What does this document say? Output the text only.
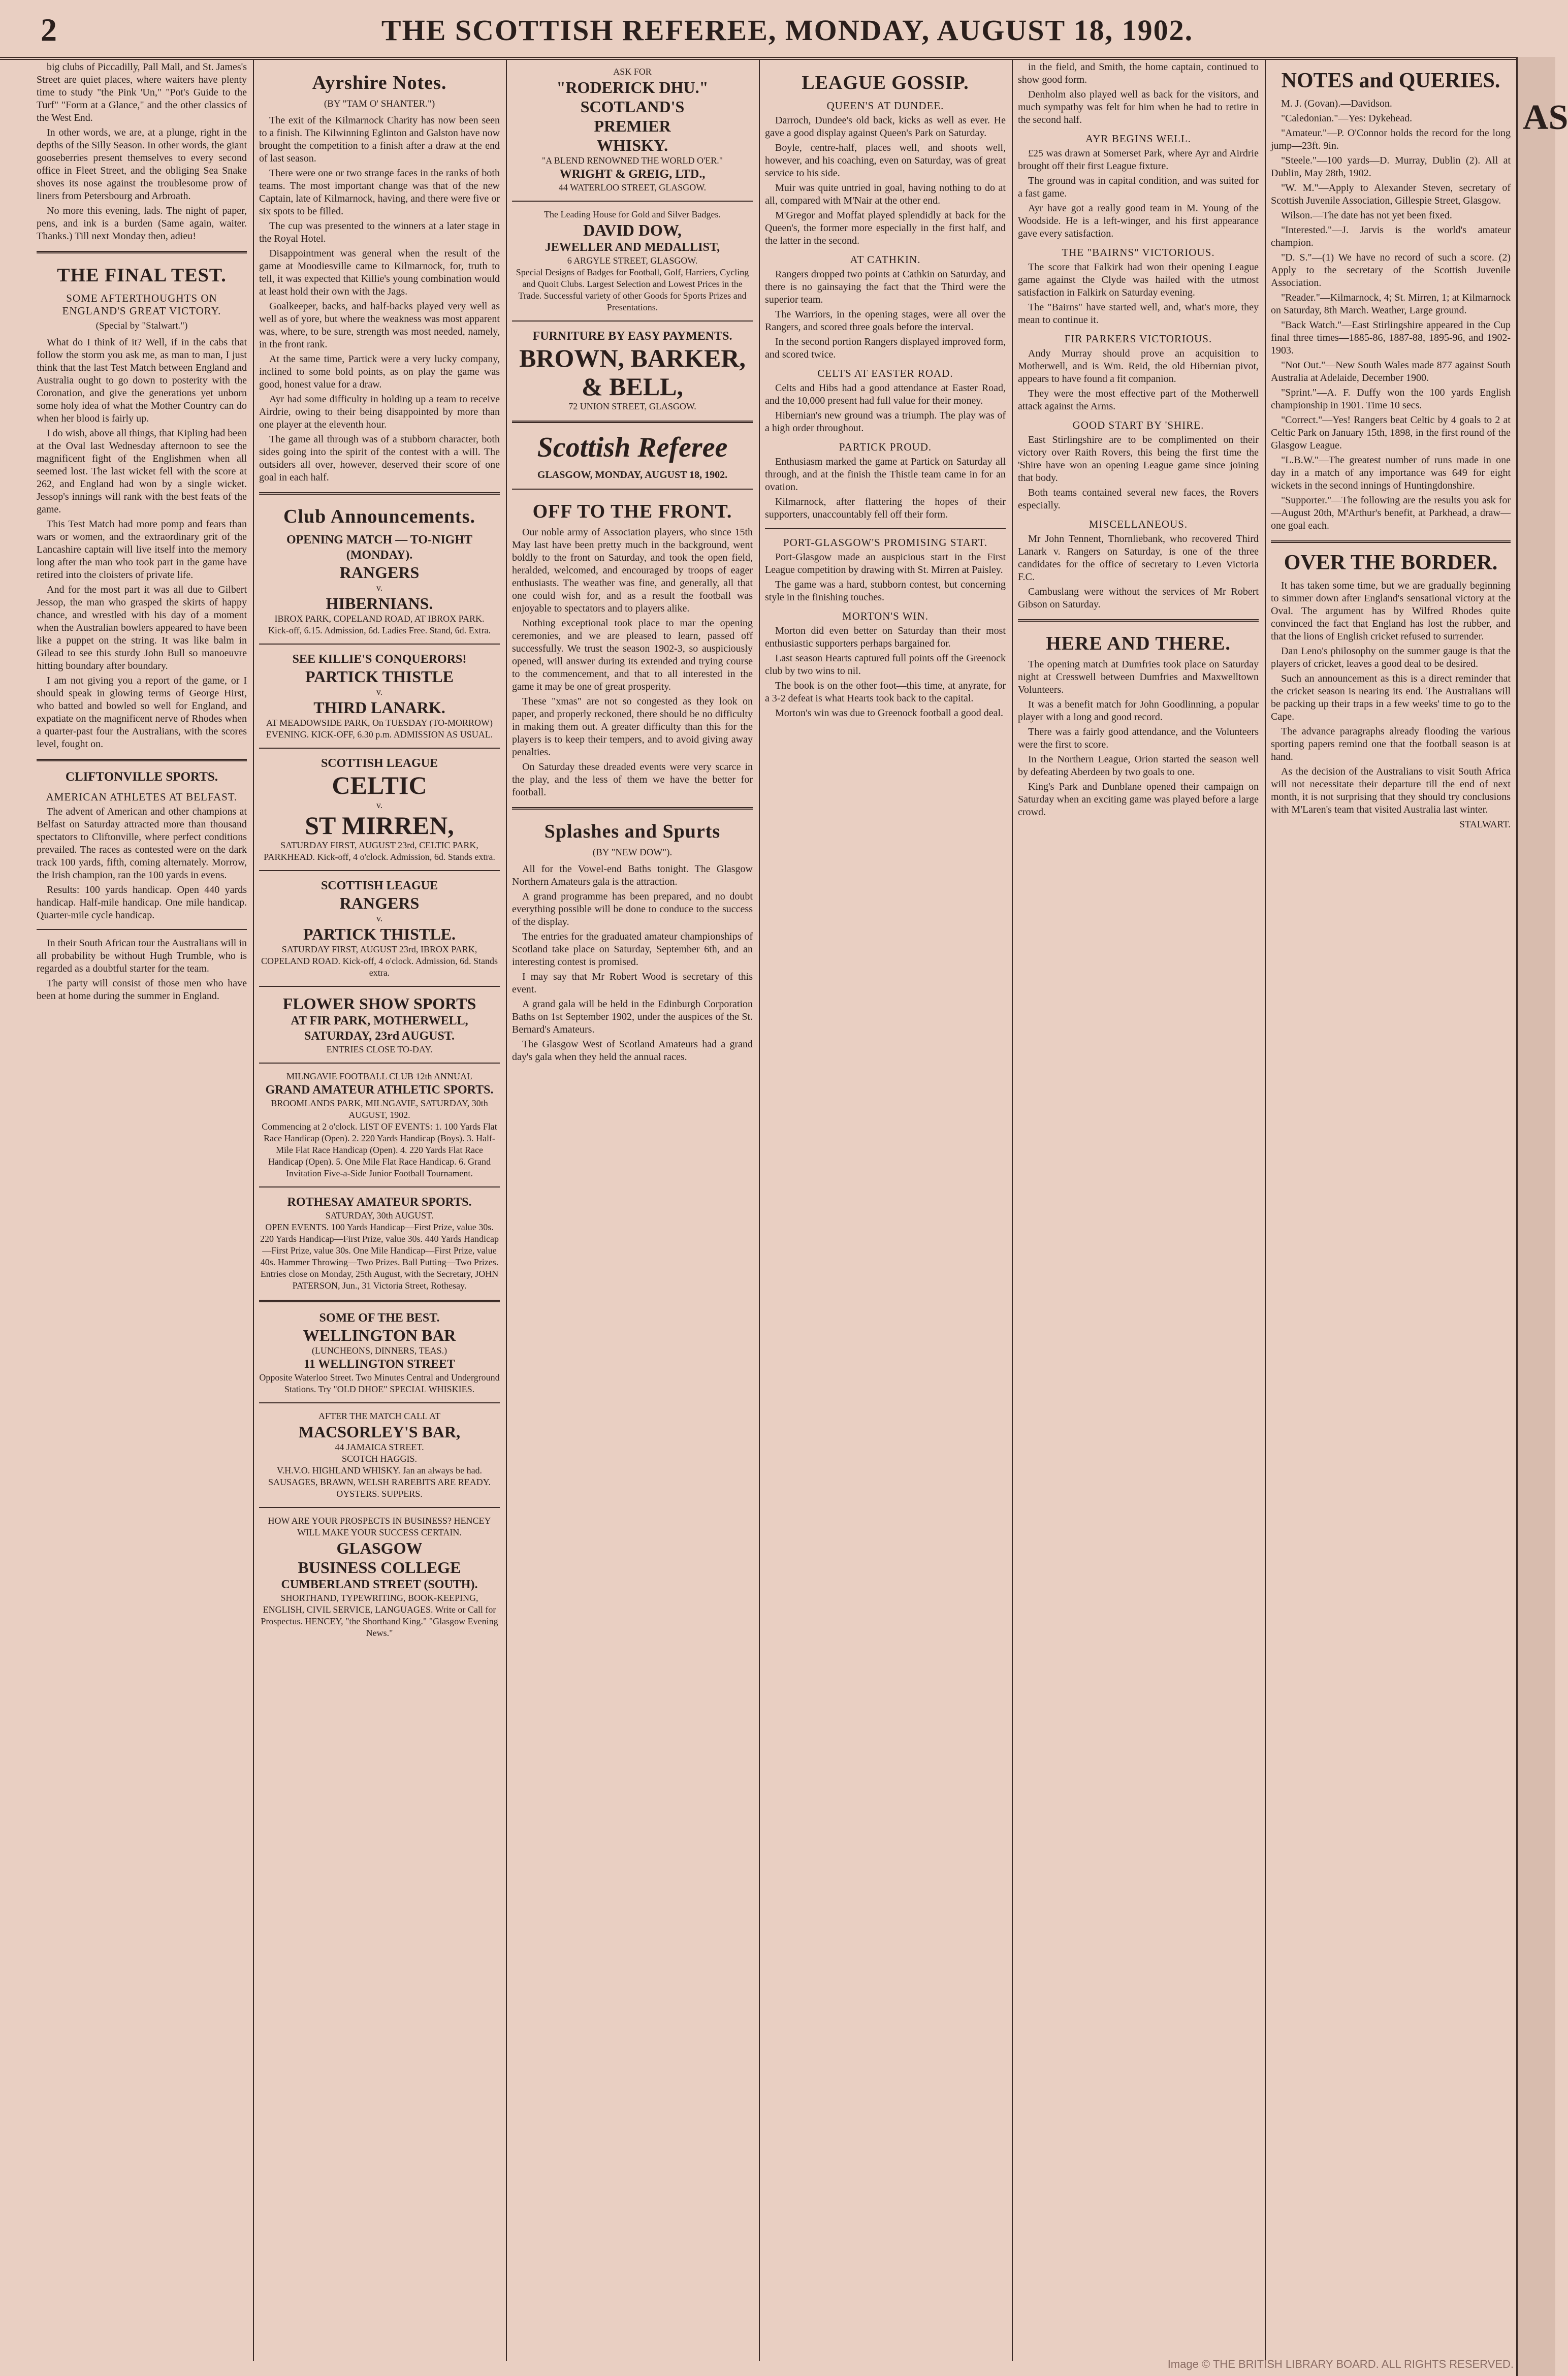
2	THE SCOTTISH REFEREE, MONDAY, AUGUST 18, 1902.

big clubs of Piccadilly, Pall Mall, and St. James's Street are quiet places, where waiters have plenty time to study "the Pink 'Un," "Pot's Guide to the Turf" "Form at a Glance," and the other classics of the West End.

In other words, we are, at a plunge, right in the depths of the Silly Season. In other words, the giant gooseberries present themselves to every second office in Fleet Street, and the obliging Sea Snake shoves its nose against the troublesome prow of liners from Petersbourg and Arbroath.

No more this evening, lads. The night of paper, pens, and ink is a burden (Same again, waiter. Thanks.) Till next Monday then, adieu!

THE FINAL TEST.
SOME AFTERTHOUGHTS ON ENGLAND'S GREAT VICTORY.
(Special by "Stalwart.")

What do I think of it? Well, if in the cabs that follow the storm you ask me, as man to man, I just think that the last Test Match between England and Australia ought to go down to posterity with the Coronation, and give the generations yet unborn some holy idea of what the Mother Country can do when her blood is fairly up.

I do wish, above all things, that Kipling had been at the Oval last Wednesday afternoon to see the magnificent fight of the Englishmen when all seemed lost. The last wicket fell with the score at 262, and England had won by a single wicket. Jessop's innings will rank with the best feats of the game.

This Test Match had more pomp and fears than wars or women, and the extraordinary grit of the Lancashire captain will live itself into the memory long after the man who took part in the game have retired into the cloisters of private life.

And for the most part it was all due to Gilbert Jessop, the man who grasped the skirts of happy chance, and wrestled with his day of a moment when the Australian bowlers appeared to have been like a puppet on the string. It was like balm in Gilead to see this sturdy John Bull so manoeuvre hitting boundary after boundary.

I am not giving you a report of the game, or I should speak in glowing terms of George Hirst, who batted and bowled so well for England, and expatiate on the magnificent nerve of Rhodes when a quarter-past four the Australians, with the scores level, fought on.

CLIFTONVILLE SPORTS.
AMERICAN ATHLETES AT BELFAST.

The advent of American and other champions at Belfast on Saturday attracted more than thousand spectators to Cliftonville, where perfect conditions prevailed. The races as contested were on the dark track 100 yards, fifth, coming alternately. Morrow, the Irish champion, ran the 100 yards in evens.

Results: 100 yards handicap. Open 440 yards handicap. Half-mile handicap. One mile handicap. Quarter-mile cycle handicap.

In their South African tour the Australians will in all probability be without Hugh Trumble, who is regarded as a doubtful starter for the team.

The party will consist of those men who have been at home during the summer in England.

Ayrshire Notes.
(BY "TAM O' SHANTER.")

The exit of the Kilmarnock Charity has now been seen to a finish. The Kilwinning Eglinton and Galston have now brought the competition to a finish after a draw at the end of last season.

There were one or two strange faces in the ranks of both teams. The most important change was that of the new Captain, late of Kilmarnock, having, and there were five or six spots to be filled.

The cup was presented to the winners at a later stage in the Royal Hotel.

Disappointment was general when the result of the game at Moodiesville came to Kilmarnock, for, truth to tell, it was expected that Killie's young combination would at least hold their own with the Jags.

Goalkeeper, backs, and half-backs played very well as well as of yore, but where the weakness was most apparent was, where, to be sure, strength was most needed, namely, in the front rank.

At the same time, Partick were a very lucky company, inclined to some bold points, as on play the game was good, honest value for a draw.

Ayr had some difficulty in holding up a team to receive Airdrie, owing to their being disappointed by more than one player at the eleventh hour.

The game all through was of a stubborn character, both sides going into the spirit of the contest with a will. The outsiders all over, however, deserved their score of one goal in each half.

Club Announcements.
OPENING MATCH — TO-NIGHT (MONDAY).
RANGERS
v.
HIBERNIANS.
IBROX PARK, COPELAND ROAD, AT IBROX PARK.
Kick-off, 6.15. Admission, 6d. Ladies Free. Stand, 6d. Extra.
SEE KILLIE'S CONQUERORS!
PARTICK THISTLE
v.
THIRD LANARK.
AT MEADOWSIDE PARK, On TUESDAY (TO-MORROW) EVENING. KICK-OFF, 6.30 p.m. ADMISSION AS USUAL.
SCOTTISH LEAGUE
CELTIC
v.
ST MIRREN,
SATURDAY FIRST, AUGUST 23rd, CELTIC PARK, PARKHEAD. Kick-off, 4 o'clock. Admission, 6d. Stands extra.
SCOTTISH LEAGUE
RANGERS
v.
PARTICK THISTLE.
SATURDAY FIRST, AUGUST 23rd, IBROX PARK, COPELAND ROAD. Kick-off, 4 o'clock. Admission, 6d. Stands extra.
FLOWER SHOW SPORTS
AT FIR PARK, MOTHERWELL,
SATURDAY, 23rd AUGUST.
ENTRIES CLOSE TO-DAY.
MILNGAVIE FOOTBALL CLUB 12th ANNUAL
GRAND AMATEUR ATHLETIC SPORTS.
BROOMLANDS PARK, MILNGAVIE, SATURDAY, 30th AUGUST, 1902.
Commencing at 2 o'clock. LIST OF EVENTS: 1. 100 Yards Flat Race Handicap (Open). 2. 220 Yards Handicap (Boys). 3. Half-Mile Flat Race Handicap (Open). 4. 220 Yards Flat Race Handicap (Open). 5. One Mile Flat Race Handicap. 6. Grand Invitation Five-a-Side Junior Football Tournament.
ROTHESAY AMATEUR SPORTS.
SATURDAY, 30th AUGUST.
OPEN EVENTS. 100 Yards Handicap—First Prize, value 30s. 220 Yards Handicap—First Prize, value 30s. 440 Yards Handicap—First Prize, value 30s. One Mile Handicap—First Prize, value 40s. Hammer Throwing—Two Prizes. Ball Putting—Two Prizes.
Entries close on Monday, 25th August, with the Secretary, JOHN PATERSON, Jun., 31 Victoria Street, Rothesay.
SOME OF THE BEST.
WELLINGTON BAR
(LUNCHEONS, DINNERS, TEAS.)
11 WELLINGTON STREET
Opposite Waterloo Street. Two Minutes Central and Underground Stations. Try "OLD DHOE" SPECIAL WHISKIES.
AFTER THE MATCH CALL AT
MACSORLEY'S BAR,
44 JAMAICA STREET.
SCOTCH HAGGIS.
V.H.V.O. HIGHLAND WHISKY. Jan an always be had.
SAUSAGES, BRAWN, WELSH RAREBITS ARE READY. OYSTERS. SUPPERS.
HOW ARE YOUR PROSPECTS IN BUSINESS? HENCEY WILL MAKE YOUR SUCCESS CERTAIN.
GLASGOW
BUSINESS COLLEGE
CUMBERLAND STREET (SOUTH).
SHORTHAND, TYPEWRITING, BOOK-KEEPING, ENGLISH, CIVIL SERVICE, LANGUAGES. Write or Call for Prospectus. HENCEY, "the Shorthand King." "Glasgow Evening News."
ASK FOR
"RODERICK DHU."
SCOTLAND'S
PREMIER
WHISKY.
"A BLEND RENOWNED THE WORLD O'ER."
WRIGHT & GREIG, LTD.,
44 WATERLOO STREET, GLASGOW.
The Leading House for Gold and Silver Badges.
DAVID DOW,
JEWELLER AND MEDALLIST,
6 ARGYLE STREET, GLASGOW.
Special Designs of Badges for Football, Golf, Harriers, Cycling and Quoit Clubs. Largest Selection and Lowest Prices in the Trade. Successful variety of other Goods for Sports Prizes and Presentations.
FURNITURE BY EASY PAYMENTS.
BROWN, BARKER, & BELL,
72 UNION STREET, GLASGOW.
Scottish Referee
GLASGOW, MONDAY, AUGUST 18, 1902.
OFF TO THE FRONT.

Our noble army of Association players, who since 15th May last have been pretty much in the background, went boldly to the front on Saturday, and took the open field, heralded, welcomed, and encouraged by troops of eager enthusiasts. The weather was fine, and generally, all that one could wish for, and as a result the football was enjoyable to spectators and to players alike.

Nothing exceptional took place to mar the opening ceremonies, and we are pleased to learn, passed off successfully. We trust the season 1902-3, so auspiciously opened, will answer during its extended and trying course to the commencement, and that to all interested in the game it may be one of great prosperity.

These "xmas" are not so congested as they look on paper, and properly reckoned, there should be no difficulty in making them out. A greater difficulty than this for the players is to keep their tempers, and to avoid giving away penalties.

On Saturday these dreaded events were very scarce in the play, and the less of them we have the better for football.

Splashes and Spurts
(BY "NEW DOW").

All for the Vowel-end Baths tonight. The Glasgow Northern Amateurs gala is the attraction.

A grand programme has been prepared, and no doubt everything possible will be done to conduce to the success of the display.

The entries for the graduated amateur championships of Scotland take place on Saturday, September 6th, and an interesting contest is promised.

I may say that Mr Robert Wood is secretary of this event.

A grand gala will be held in the Edinburgh Corporation Baths on 1st September 1902, under the auspices of the St. Bernard's Amateurs.

The Glasgow West of Scotland Amateurs had a grand day's gala when they held the annual races.

LEAGUE GOSSIP.
QUEEN'S AT DUNDEE.

Darroch, Dundee's old back, kicks as well as ever. He gave a good display against Queen's Park on Saturday.

Boyle, centre-half, places well, and shoots well, however, and his coaching, even on Saturday, was of great service to his side.

Muir was quite untried in goal, having nothing to do at all, compared with M'Nair at the other end.

M'Gregor and Moffat played splendidly at back for the Queen's, the former more especially in the first half, and the latter in the second.

AT CATHKIN.

Rangers dropped two points at Cathkin on Saturday, and there is no gainsaying the fact that the Third were the superior team.

The Warriors, in the opening stages, were all over the Rangers, and scored three goals before the interval.

In the second portion Rangers displayed improved form, and scored twice.

CELTS AT EASTER ROAD.

Celts and Hibs had a good attendance at Easter Road, and the 10,000 present had full value for their money.

Hibernian's new ground was a triumph. The play was of a high order throughout.

PARTICK PROUD.

Enthusiasm marked the game at Partick on Saturday all through, and at the finish the Thistle team came in for an ovation.

Kilmarnock, after flattering the hopes of their supporters, unaccountably fell off their form.

PORT-GLASGOW'S PROMISING START.

Port-Glasgow made an auspicious start in the First League competition by drawing with St. Mirren at Paisley.

The game was a hard, stubborn contest, but concerning style in the finishing touches.

MORTON'S WIN.

Morton did even better on Saturday than their most enthusiastic supporters perhaps bargained for.

Last season Hearts captured full points off the Greenock club by two wins to nil.

The book is on the other foot—this time, at anyrate, for a 3-2 defeat is what Hearts took back to the capital.

Morton's win was due to Greenock football a good deal.

in the field, and Smith, the home captain, continued to show good form.

Denholm also played well as back for the visitors, and much sympathy was felt for him when he had to retire in the second half.

AYR BEGINS WELL.

£25 was drawn at Somerset Park, where Ayr and Airdrie brought off their first League fixture.

The ground was in capital condition, and was suited for a fast game.

Ayr have got a really good team in M. Young of the Woodside. He is a left-winger, and his first appearance gave every satisfaction.

THE "BAIRNS" VICTORIOUS.

The score that Falkirk had won their opening League game against the Clyde was hailed with the utmost satisfaction in Falkirk on Saturday evening.

The "Bairns" have started well, and, what's more, they mean to continue it.

FIR PARKERS VICTORIOUS.

Andy Murray should prove an acquisition to Motherwell, and is Wm. Reid, the old Hibernian pivot, appears to have found a fit companion.

They were the most effective part of the Motherwell attack against the Arms.

GOOD START BY 'SHIRE.

East Stirlingshire are to be complimented on their victory over Raith Rovers, this being the first time the 'Shire have won an opening League game since joining that body.

Both teams contained several new faces, the Rovers especially.

MISCELLANEOUS.

Mr John Tennent, Thornliebank, who recovered Third Lanark v. Rangers on Saturday, is one of the three candidates for the office of secretary to Leven Victoria F.C.

Cambuslang were without the services of Mr Robert Gibson on Saturday.

HERE AND THERE.

The opening match at Dumfries took place on Saturday night at Cresswell between Dumfries and Maxwelltown Volunteers.

It was a benefit match for John Goodlinning, a popular player with a long and good record.

There was a fairly good attendance, and the Volunteers were the first to score.

In the Northern League, Orion started the season well by defeating Aberdeen by two goals to one.

King's Park and Dunblane opened their campaign on Saturday when an exciting game was played before a large crowd.

NOTES and QUERIES.

M. J. (Govan).—Davidson.

"Caledonian."—Yes: Dykehead.

"Amateur."—P. O'Connor holds the record for the long jump—23ft. 9in.

"Steele."—100 yards—D. Murray, Dublin (2). All at Dublin, May 28th, 1902.

"W. M."—Apply to Alexander Steven, secretary of Scottish Juvenile Association, Gillespie Street, Glasgow.

Wilson.—The date has not yet been fixed.

"Interested."—J. Jarvis is the world's amateur champion.

"D. S."—(1) We have no record of such a score. (2) Apply to the secretary of the Scottish Juvenile Association.

"Reader."—Kilmarnock, 4; St. Mirren, 1; at Kilmarnock on Saturday, 8th March. Weather, Large ground.

"Back Watch."—East Stirlingshire appeared in the Cup final three times—1885-86, 1887-88, 1895-96, and 1902-1903.

"Not Out."—New South Wales made 877 against South Australia at Adelaide, December 1900.

"Sprint."—A. F. Duffy won the 100 yards English championship in 1901. Time 10 secs.

"Correct."—Yes! Rangers beat Celtic by 4 goals to 2 at Celtic Park on January 15th, 1898, in the first round of the Glasgow League.

"L.B.W."—The greatest number of runs made in one day in a match of any importance was 649 for eight wickets in the second innings of Huntingdonshire.

"Supporter."—The following are the results you ask for—August 20th, M'Arthur's benefit, at Parkhead, a draw—one goal each.

OVER THE BORDER.

It has taken some time, but we are gradually beginning to simmer down after England's sensational victory at the Oval. The argument has by Wilfred Rhodes quite convinced the fact that England has lost the rubber, and that the lions of English cricket refused to surrender.

Dan Leno's philosophy on the summer gauge is that the players of cricket, leaves a good deal to be desired.

Such an announcement as this is a direct reminder that the cricket season is nearing its end. The Australians will be packing up their traps in a few weeks' time to go to the Cape.

The advance paragraphs already flooding the various sporting papers remind one that the football season is at hand.

As the decision of the Australians to visit South Africa will not necessitate their departure till the end of next month, it is not surprising that they should try conclusions with M'Laren's team that visited Australia last winter.

STALWART.
AS
Image © THE BRITISH LIBRARY BOARD. ALL RIGHTS RESERVED.
